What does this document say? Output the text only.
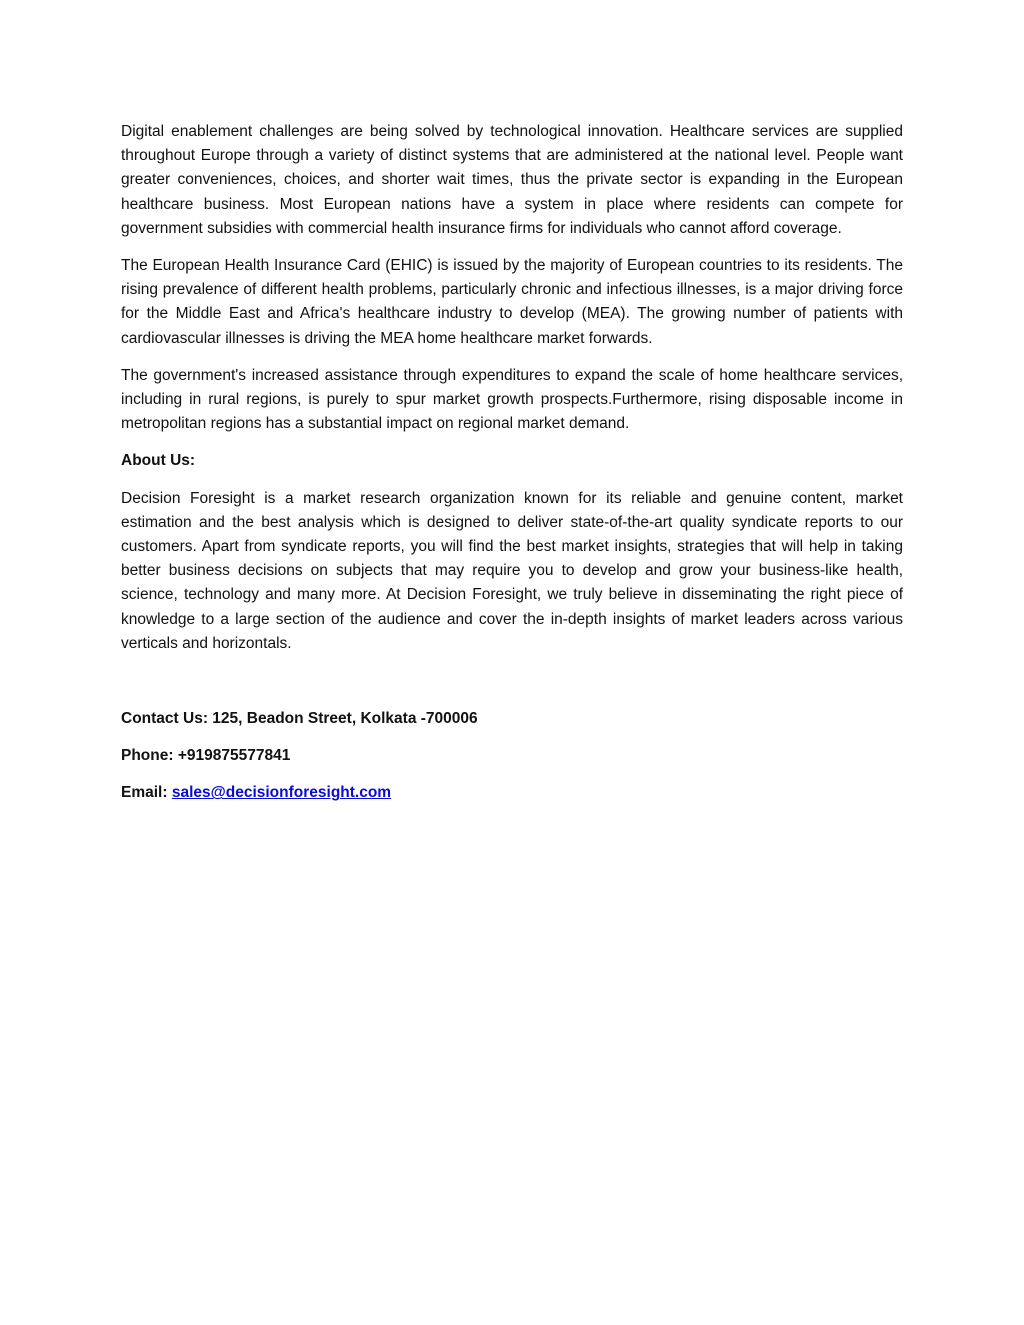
Digital enablement challenges are being solved by technological innovation. Healthcare services are supplied throughout Europe through a variety of distinct systems that are administered at the national level. People want greater conveniences, choices, and shorter wait times, thus the private sector is expanding in the European healthcare business. Most European nations have a system in place where residents can compete for government subsidies with commercial health insurance firms for individuals who cannot afford coverage.

The European Health Insurance Card (EHIC) is issued by the majority of European countries to its residents. The rising prevalence of different health problems, particularly chronic and infectious illnesses, is a major driving force for the Middle East and Africa's healthcare industry to develop (MEA). The growing number of patients with cardiovascular illnesses is driving the MEA home healthcare market forwards.

The government's increased assistance through expenditures to expand the scale of home healthcare services, including in rural regions, is purely to spur market growth prospects.Furthermore, rising disposable income in metropolitan regions has a substantial impact on regional market demand.

About Us:

Decision Foresight is a market research organization known for its reliable and genuine content, market estimation and the best analysis which is designed to deliver state-of-the-art quality syndicate reports to our customers. Apart from syndicate reports, you will find the best market insights, strategies that will help in taking better business decisions on subjects that may require you to develop and grow your business-like health, science, technology and many more. At Decision Foresight, we truly believe in disseminating the right piece of knowledge to a large section of the audience and cover the in-depth insights of market leaders across various verticals and horizontals.

Contact Us: 125, Beadon Street, Kolkata -700006

Phone: +919875577841

Email: sales@decisionforesight.com
